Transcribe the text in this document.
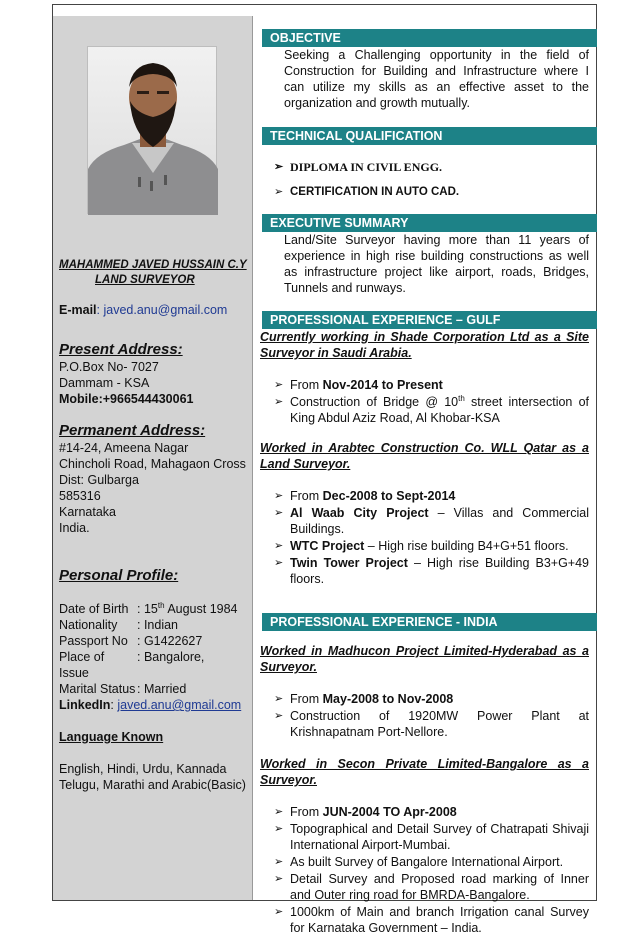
MAHAMMED JAVED HUSSAIN C.Y
LAND SURVEYOR
E-mail: javed.anu@gmail.com
Present Address:
P.O.Box No- 7027
Dammam - KSA
Mobile:+966544430061
Permanent Address:
#14-24, Ameena Nagar
Chincholi Road, Mahagaon Cross
Dist: Gulbarga
585316
Karnataka
India.
Personal Profile:
Date of Birth : 15th August 1984
Nationality	: Indian
Passport No : G1422627
Place of Issue
: Bangalore,
Marital Status : Married
LinkedIn: javed.anu@gmail.com
Language Known
English, Hindi, Urdu, Kannada
Telugu, Marathi and Arabic(Basic)
OBJECTIVE
Seeking a Challenging opportunity in the field of Construction for Building and Infrastructure where I can utilize my skills as an effective asset to the organization and growth mutually.
TECHNICAL QUALIFICATION
➢ DIPLOMA IN CIVIL ENGG.
➢ CERTIFICATION IN AUTO CAD.
EXECUTIVE SUMMARY
Land/Site Surveyor having more than 11 years of experience in high rise building constructions as well as infrastructure project like airport, roads, Bridges, Tunnels and runways.
PROFESSIONAL EXPERIENCE – GULF
Currently working in Shade Corporation Ltd as a Site Surveyor in Saudi Arabia.
➢ From Nov-2014 to Present
➢ Construction of Bridge @ 10th street intersection of King Abdul Aziz Road, Al Khobar-KSA
Worked in Arabtec Construction Co. WLL Qatar as a Land Surveyor.
➢ From Dec-2008 to Sept-2014
➢ Al Waab City Project – Villas and Commercial Buildings.
➢ WTC Project – High rise building B4+G+51 floors.
➢ Twin Tower Project – High rise Building B3+G+49 floors.
PROFESSIONAL EXPERIENCE - INDIA
Worked in Madhucon Project Limited-Hyderabad as a Surveyor.
➢ From May-2008 to Nov-2008
➢ Construction of 1920MW Power Plant at Krishnapatnam Port-Nellore.
Worked in Secon Private Limited-Bangalore as a Surveyor.
➢ From JUN-2004 TO Apr-2008
➢ Topographical and Detail Survey of Chatrapati Shivaji International Airport-Mumbai.
➢ As built Survey of Bangalore International Airport.
➢ Detail Survey and Proposed road marking of Inner and Outer ring road for BMRDA-Bangalore.
➢ 1000km of Main and branch Irrigation canal Survey for Karnataka Government – India.
